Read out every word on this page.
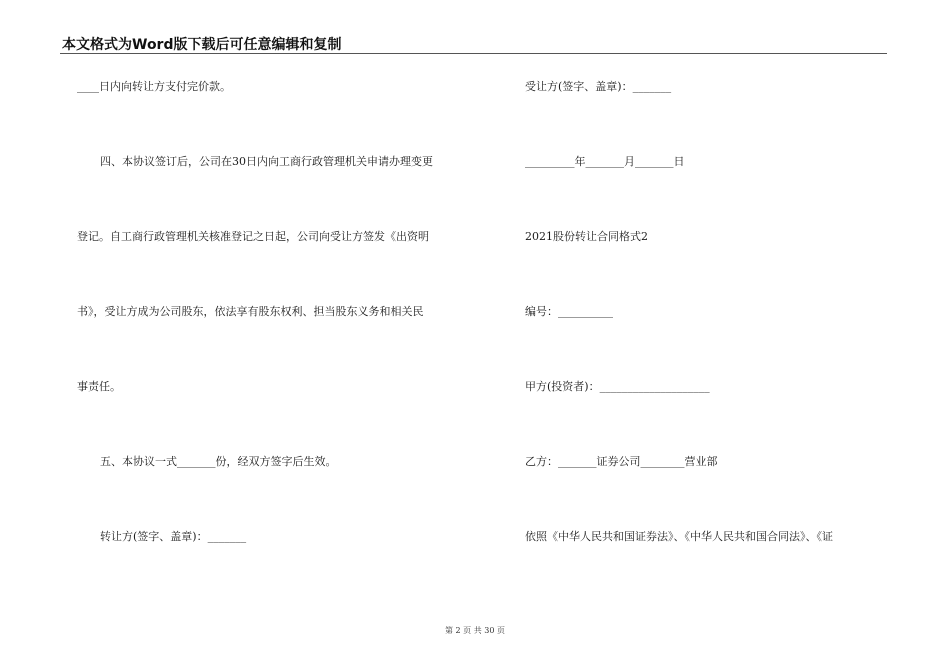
本文格式为Word版下载后可任意编辑和复制
____日内向转让方支付完价款。
四、本协议签订后，公司在30日内向工商行政管理机关申请办理变更
登记。自工商行政管理机关核准登记之日起，公司向受让方签发《出资明
书》，受让方成为公司股东，依法享有股东权利、担当股东义务和相关民
事责任。
五、本协议一式_______份，经双方签字后生效。
转让方(签字、盖章)：_______
受让方(签字、盖章)：_______
_________年_______月_______日
2021股份转让合同格式2
编号：__________
甲方(投资者)：____________________
乙方：_______证券公司________营业部
依照《中华人民共和国证券法》、《中华人民共和国合同法》、《证
第 2 页 共 30 页
